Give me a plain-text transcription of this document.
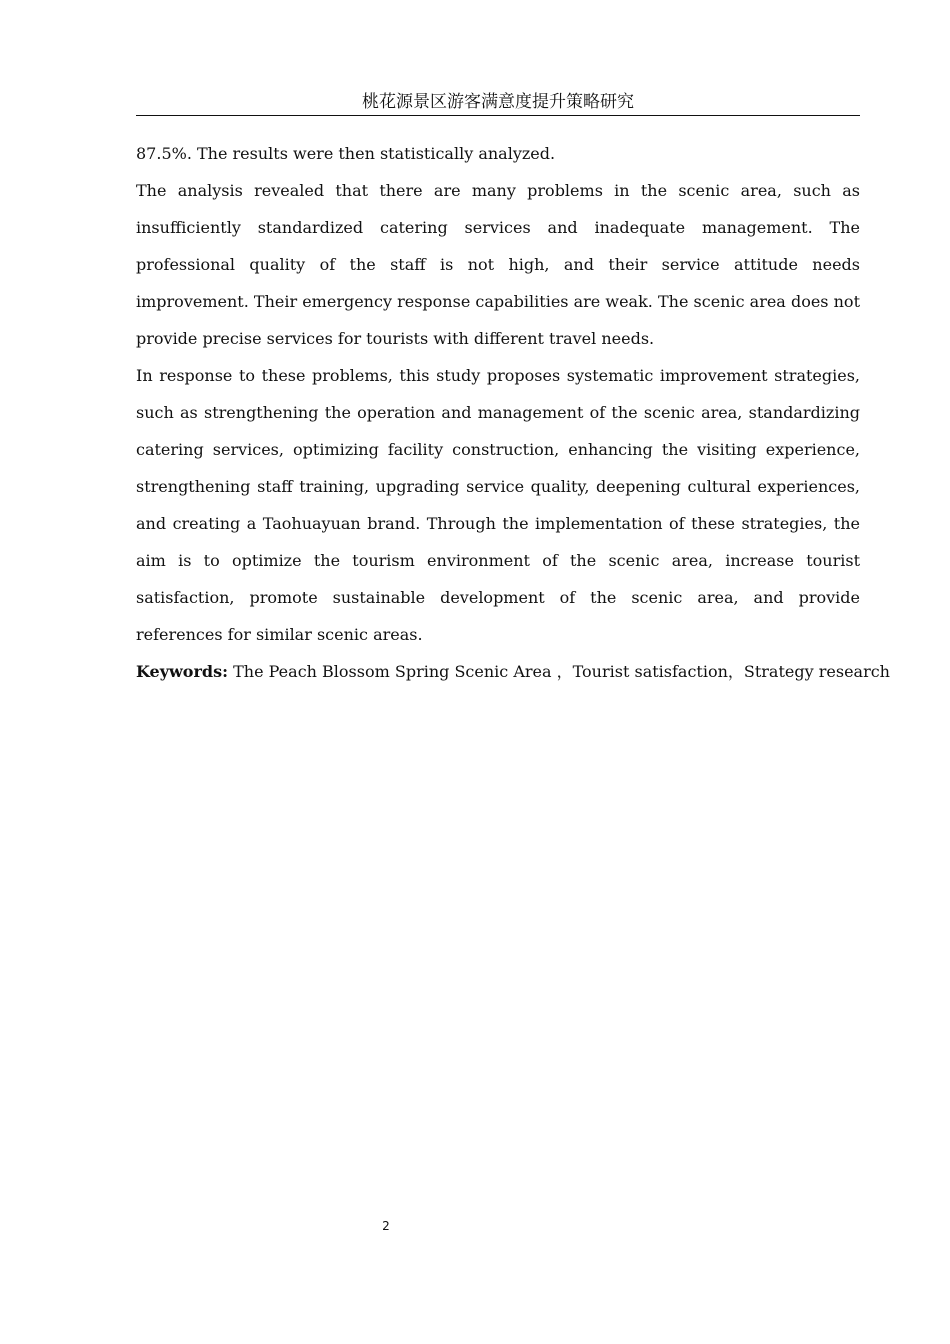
桃花源景区游客满意度提升策略研究

87.5%. The results were then statistically analyzed.

The analysis revealed that there are many problems in the scenic area, such as insufficiently standardized catering services and inadequate management. The professional quality of the staff is not high, and their service attitude needs improvement. Their emergency response capabilities are weak. The scenic area does not provide precise services for tourists with different travel needs.

In response to these problems, this study proposes systematic improvement strategies, such as strengthening the operation and management of the scenic area, standardizing catering services, optimizing facility construction, enhancing the visiting experience, strengthening staff training, upgrading service quality, deepening cultural experiences, and creating a Taohuayuan brand. Through the implementation of these strategies, the aim is to optimize the tourism environment of the scenic area, increase tourist satisfaction, promote sustainable development of the scenic area, and provide references for similar scenic areas.

Keywords: The Peach Blossom Spring Scenic Area ，Tourist satisfaction，Strategy research

2
